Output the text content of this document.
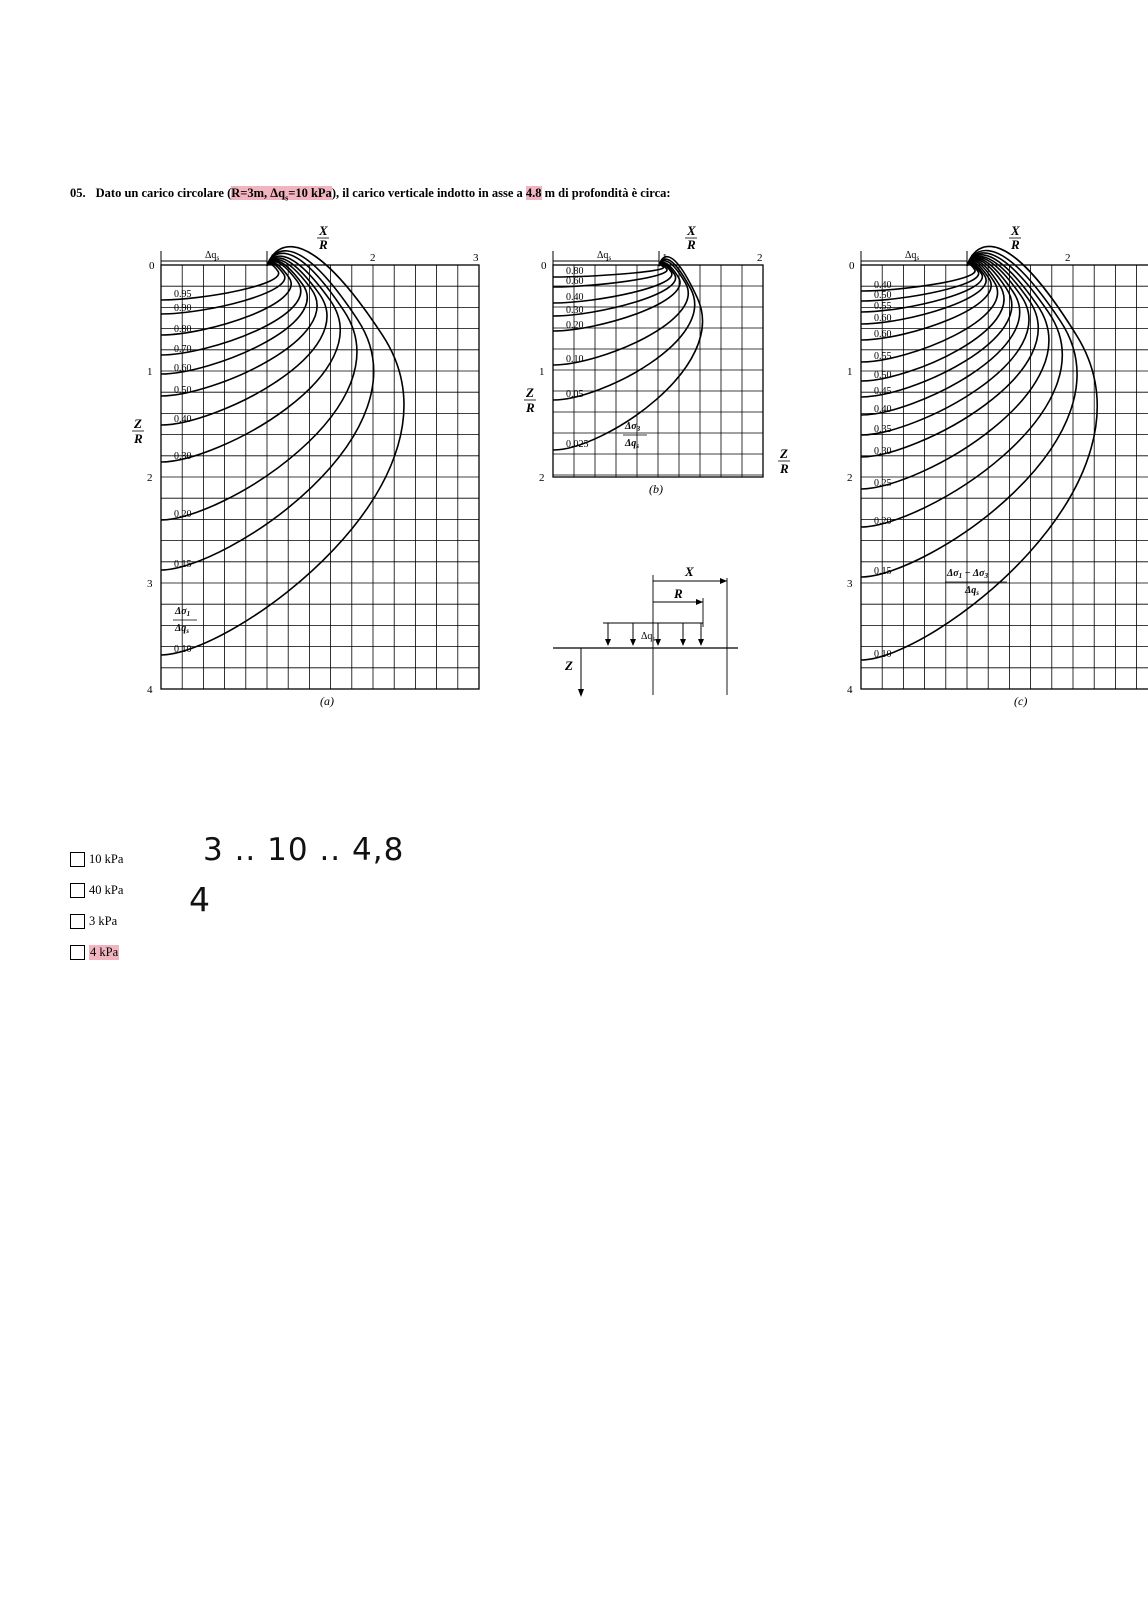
05. Dato un carico circolare (R=3m, $\Delta q_s=10$ kPa), il carico verticale indotto in asse a 4.8 m di profondità è circa:
0.95
0.90
0.80
0.70
0.60
0.50
0.40
0.30
0.20
0.15
0.10
$\Delta q_s$
0
1	2	3
1
2
3
4
X
R
Z
R
$\Delta\sigma_1$
$\Delta q_s$
(a)
0.80
0.60
0.40
0.30
0.20
0.10
0.05
0.025
$\Delta q_s$
0
1	2
1
2
X
R
Z
R
Z
R
$\Delta\sigma_3$
$\Delta q_s$
(b)
X
R
$\Delta q_s$
Z
0.40
0.50
0.55
0.60
0.60
0.55
0.50
0.45
0.40
0.35
0.30
0.25
0.20
0.15
0.10
$\Delta q_s$
0
1	2
1
2
3
4
X
R
$\Delta\sigma_1 - \Delta\sigma_3$
$\Delta q_s$
(c)
3 .. 10 .. 4,8
4
10 kPa
40 kPa
3 kPa
4 kPa
